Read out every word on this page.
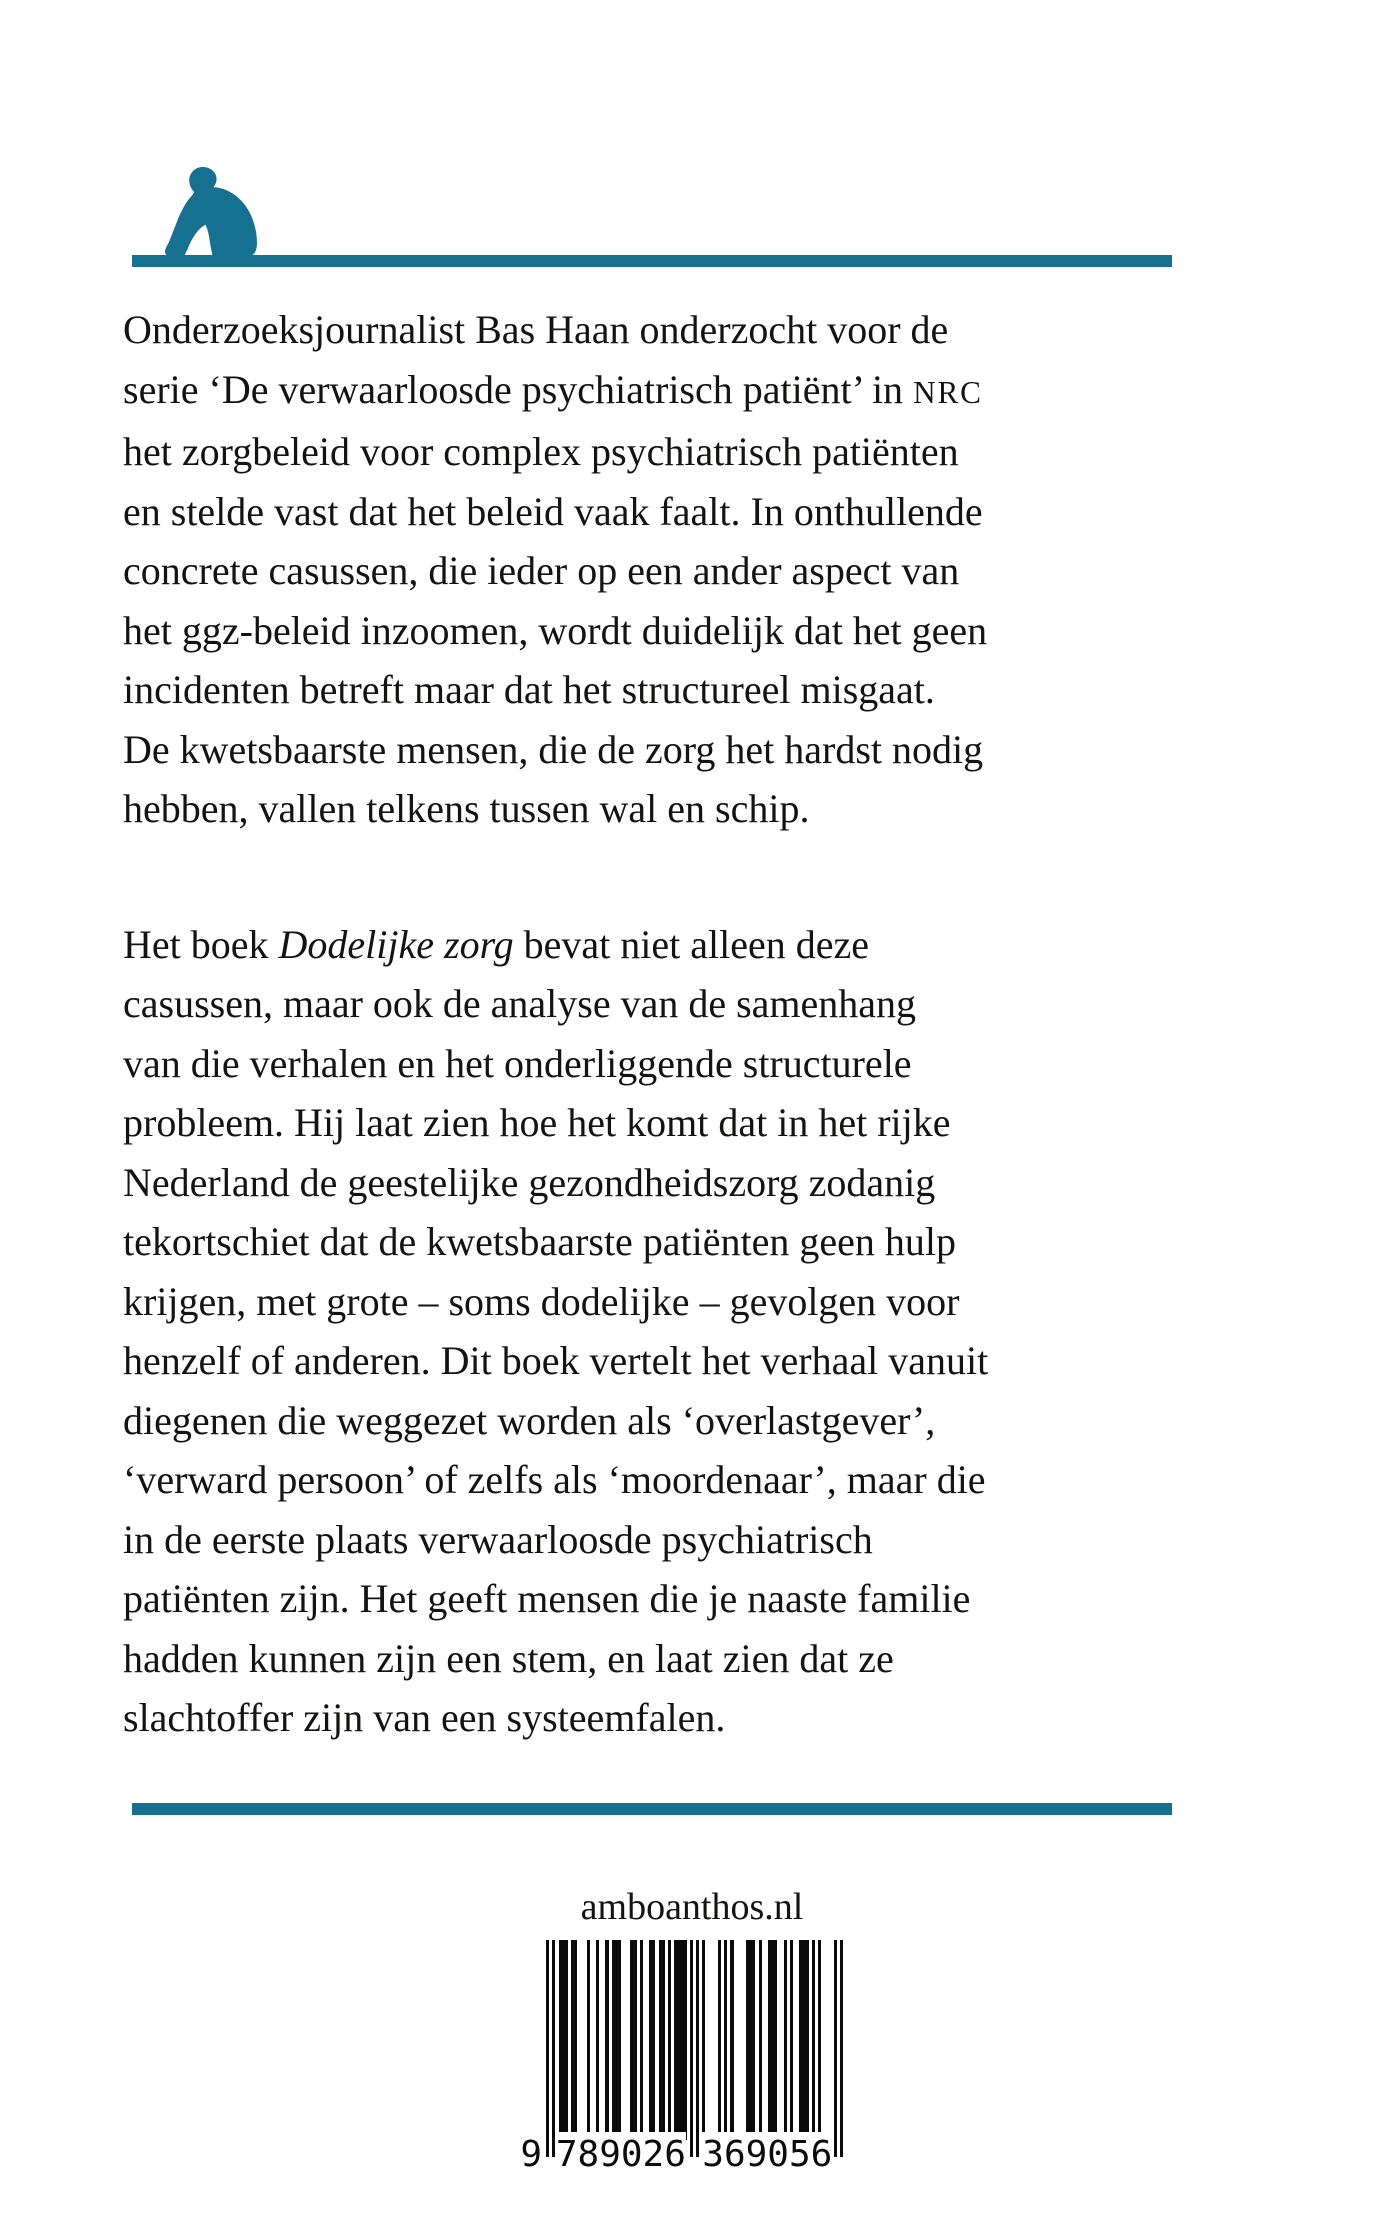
Onderzoeksjournalist Bas Haan onderzocht voor de
serie ‘De verwaarloosde psychiatrisch patiënt’ in NRC
het zorgbeleid voor complex psychiatrisch patiënten
en stelde vast dat het beleid vaak faalt. In onthullende
concrete casussen, die ieder op een ander aspect van
het ggz-beleid inzoomen, wordt duidelijk dat het geen
incidenten betreft maar dat het structureel misgaat.
De kwetsbaarste mensen, die de zorg het hardst nodig
hebben, vallen telkens tussen wal en schip.
Het boek Dodelijke zorg bevat niet alleen deze
casussen, maar ook de analyse van de samenhang
van die verhalen en het onderliggende structurele
probleem. Hij laat zien hoe het komt dat in het rijke
Nederland de geestelijke gezondheidszorg zodanig
tekortschiet dat de kwetsbaarste patiënten geen hulp
krijgen, met grote – soms dodelijke – gevolgen voor
henzelf of anderen. Dit boek vertelt het verhaal vanuit
diegenen die weggezet worden als ‘overlastgever’,
‘verward persoon’ of zelfs als ‘moordenaar’, maar die
in de eerste plaats verwaarloosde psychiatrisch
patiënten zijn. Het geeft mensen die je naaste familie
hadden kunnen zijn een stem, en laat zien dat ze
slachtoffer zijn van een systeemfalen.
amboanthos.nl
9 789026 369056
